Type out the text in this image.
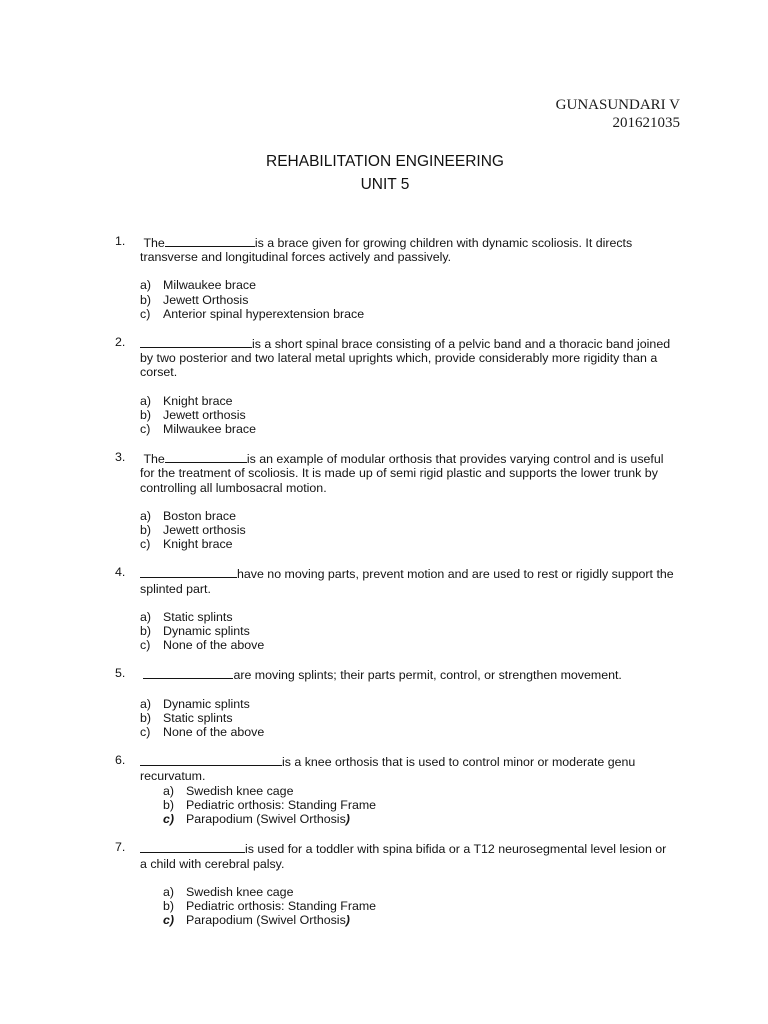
GUNASUNDARI V
201621035
REHABILITATION ENGINEERING
UNIT 5
1. The	is a brace given for growing children with dynamic scoliosis. It directs transverse and longitudinal forces actively and passively.
a) Milwaukee brace
b) Jewett Orthosis
c) Anterior spinal hyperextension brace
2.	is a short spinal brace consisting of a pelvic band and a thoracic band joined by two posterior and two lateral metal uprights which, provide considerably more rigidity than a corset.
a) Knight brace
b) Jewett orthosis
c) Milwaukee brace
3. The	is an example of modular orthosis that provides varying control and is useful for the treatment of scoliosis. It is made up of semi rigid plastic and supports the lower trunk by controlling all lumbosacral motion.
a) Boston brace
b) Jewett orthosis
c) Knight brace
4.	have no moving parts, prevent motion and are used to rest or rigidly support the splinted part.
a) Static splints
b) Dynamic splints
c) None of the above
5.	are moving splints; their parts permit, control, or strengthen movement.
a) Dynamic splints
b) Static splints
c) None of the above
6.	is a knee orthosis that is used to control minor or moderate genu recurvatum.
a) Swedish knee cage
b) Pediatric orthosis: Standing Frame
c) Parapodium (Swivel Orthosis)
7.	is used for a toddler with spina bifida or a T12 neurosegmental level lesion or a child with cerebral palsy.
a) Swedish knee cage
b) Pediatric orthosis: Standing Frame
c) Parapodium (Swivel Orthosis)
